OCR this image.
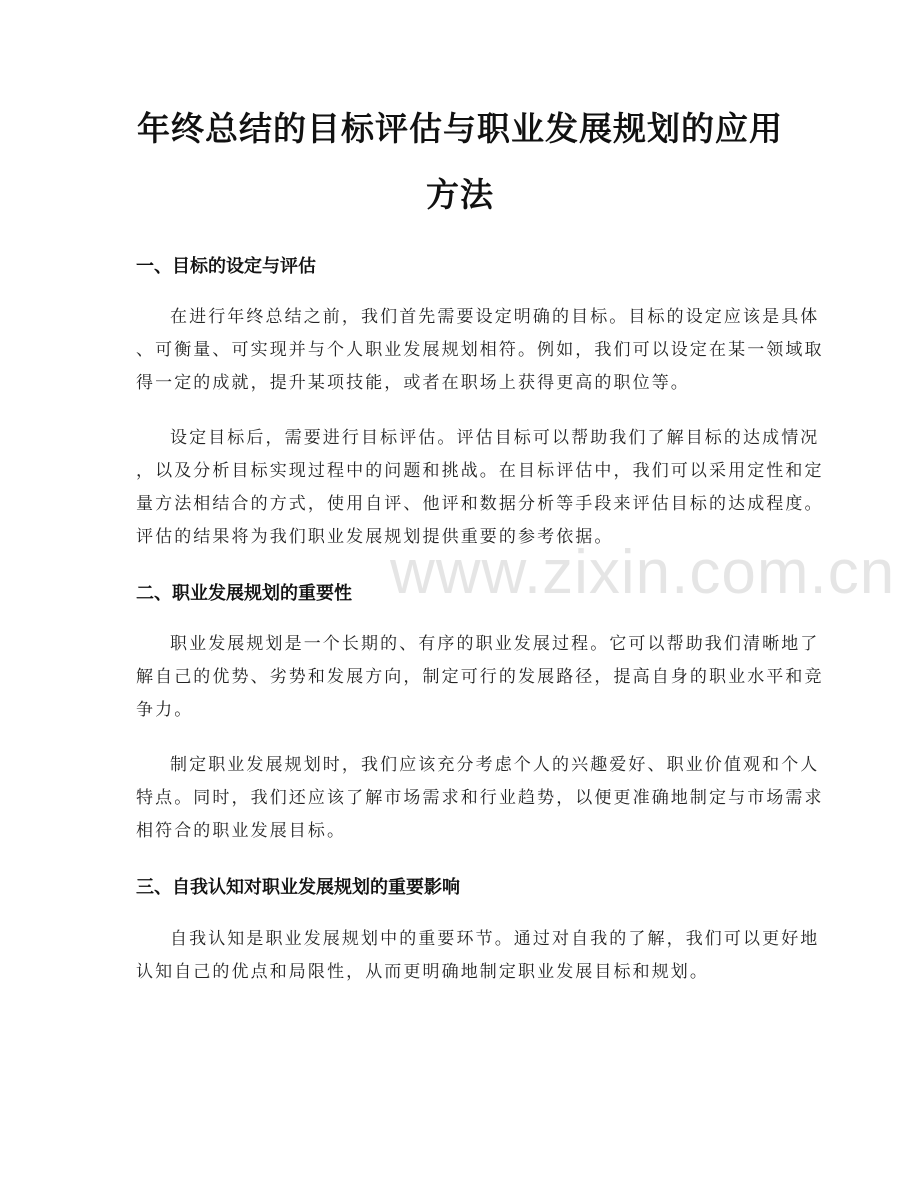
www.zixin.com.cn
年终总结的目标评估与职业发展规划的应用
方法
一、目标的设定与评估

在进行年终总结之前，我们首先需要设定明确的目标。目标的设定应该是具体
、可衡量、可实现并与个人职业发展规划相符。例如，我们可以设定在某一领域取
得一定的成就，提升某项技能，或者在职场上获得更高的职位等。

设定目标后，需要进行目标评估。评估目标可以帮助我们了解目标的达成情况
，以及分析目标实现过程中的问题和挑战。在目标评估中，我们可以采用定性和定
量方法相结合的方式，使用自评、他评和数据分析等手段来评估目标的达成程度。
评估的结果将为我们职业发展规划提供重要的参考依据。

二、职业发展规划的重要性

职业发展规划是一个长期的、有序的职业发展过程。它可以帮助我们清晰地了
解自己的优势、劣势和发展方向，制定可行的发展路径，提高自身的职业水平和竞
争力。

制定职业发展规划时，我们应该充分考虑个人的兴趣爱好、职业价值观和个人
特点。同时，我们还应该了解市场需求和行业趋势，以便更准确地制定与市场需求
相符合的职业发展目标。

三、自我认知对职业发展规划的重要影响

自我认知是职业发展规划中的重要环节。通过对自我的了解，我们可以更好地
认知自己的优点和局限性，从而更明确地制定职业发展目标和规划。
